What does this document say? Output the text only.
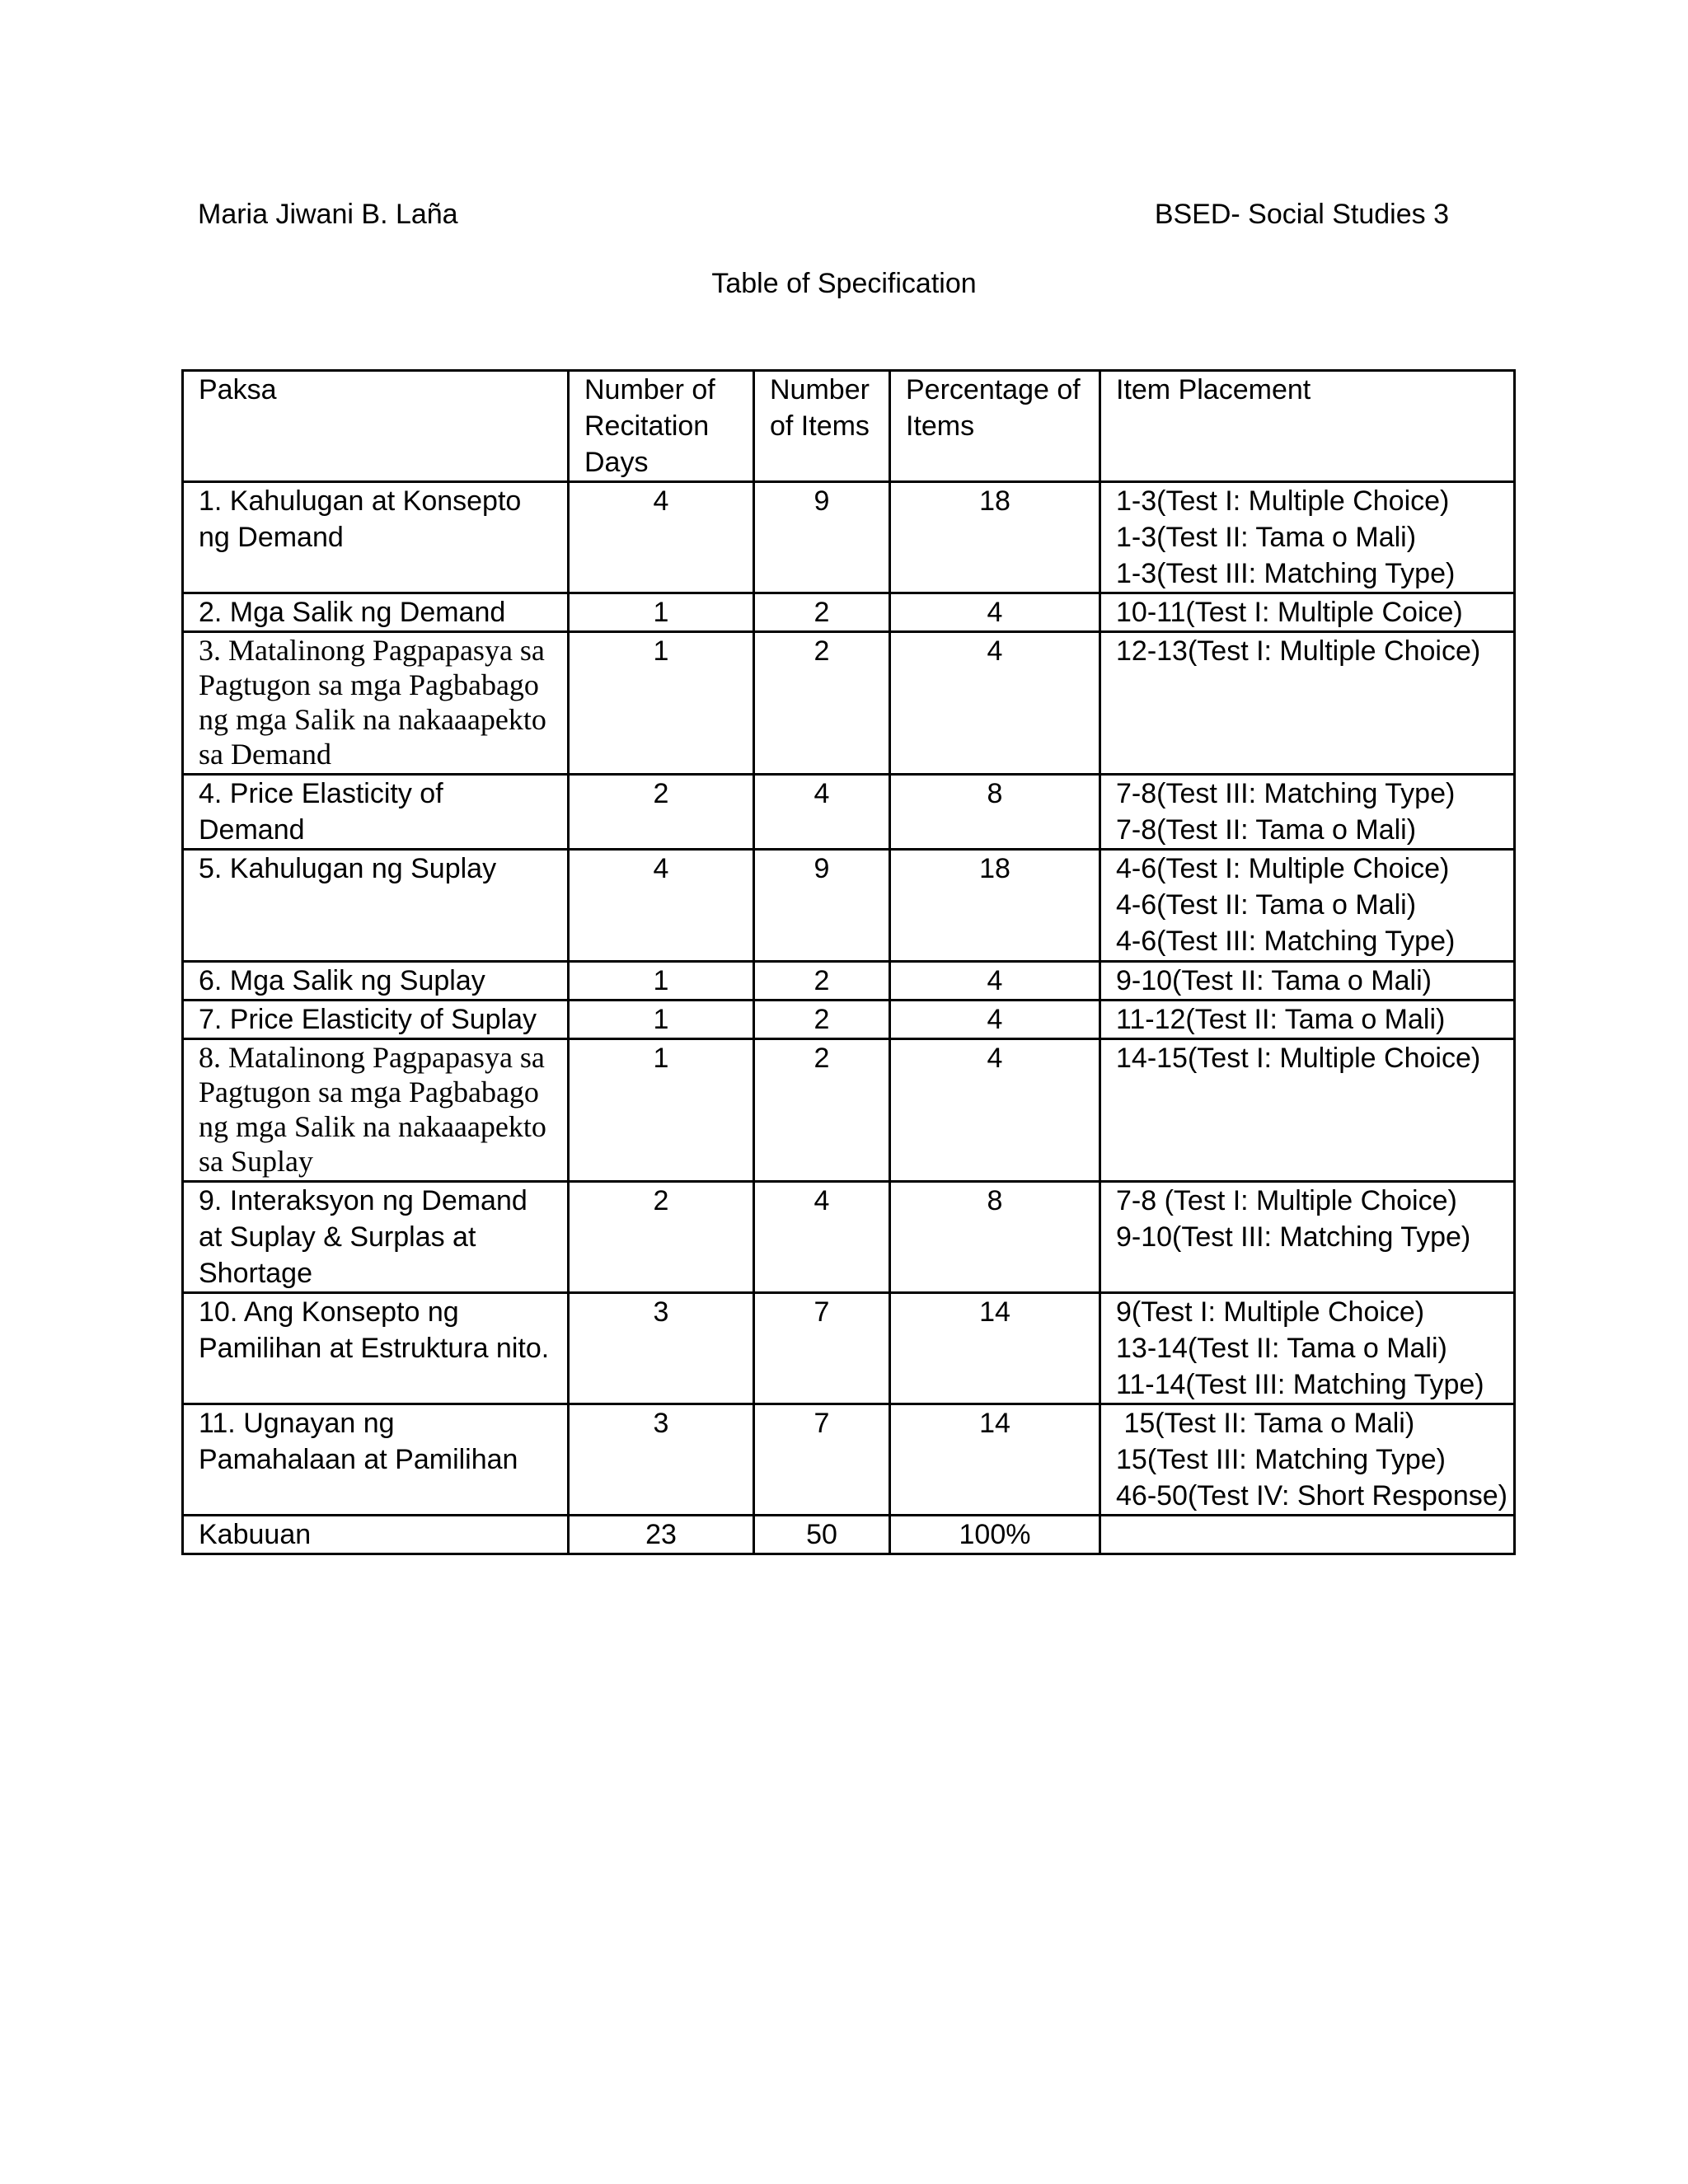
Maria Jiwani B. Laña	BSED- Social Studies 3
Table of Specification
Paksa	Number of Recitation Days	Number of Items	Percentage of Items	Item Placement
1. Kahulugan at Konsepto ng Demand	4	9	18	1-3(Test I: Multiple Choice)
1-3(Test II: Tama o Mali)
1-3(Test III: Matching Type)

2. Mga Salik ng Demand	1	2	4	10-11(Test I: Multiple Coice)

3. Matalinong Pagpapasya sa Pagtugon sa mga Pagbabago ng mga Salik na nakaaapekto sa Demand	1	2	4	12-13(Test I: Multiple Choice)

4. Price Elasticity of Demand	2	4	8	7-8(Test III: Matching Type)
7-8(Test II: Tama o Mali)

5. Kahulugan ng Suplay	4	9	18	4-6(Test I: Multiple Choice)
4-6(Test II: Tama o Mali)
4-6(Test III: Matching Type)

6. Mga Salik ng Suplay	1	2	4	9-10(Test II: Tama o Mali)

7. Price Elasticity of Suplay	1	2	4	11-12(Test II: Tama o Mali)

8. Matalinong Pagpapasya sa Pagtugon sa mga Pagbabago ng mga Salik na nakaaapekto sa Suplay	1	2	4	14-15(Test I: Multiple Choice)

9. Interaksyon ng Demand at Suplay & Surplas at Shortage	2	4	8	7-8 (Test I: Multiple Choice)
9-10(Test III: Matching Type)

10. Ang Konsepto ng Pamilihan at Estruktura nito.	3	7	14	9(Test I: Multiple Choice)
13-14(Test II: Tama o Mali)
11-14(Test III: Matching Type)

11. Ugnayan ng Pamahalaan at Pamilihan	3	7	14	15(Test II: Tama o Mali)
15(Test III: Matching Type)
46-50(Test IV: Short Response)

Kabuuan	23	50	100%	
